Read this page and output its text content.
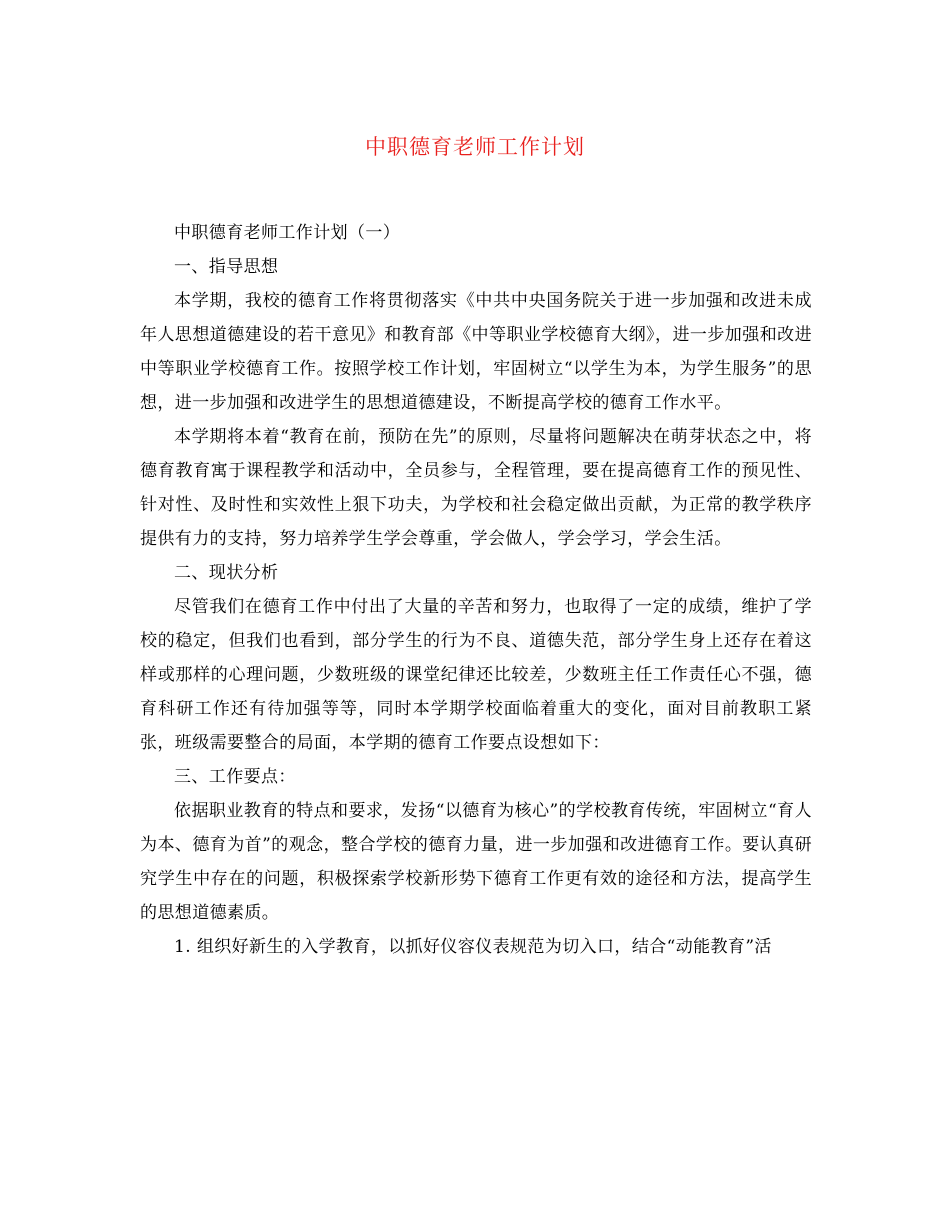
中职德育老师工作计划

中职德育老师工作计划（一）

一、指导思想

本学期，我校的德育工作将贯彻落实《中共中央国务院关于进一步加强和改进未成年人思想道德建设的若干意见》和教育部《中等职业学校德育大纲》，进一步加强和改进中等职业学校德育工作。按照学校工作计划，牢固树立“以学生为本，为学生服务”的思想，进一步加强和改进学生的思想道德建设，不断提高学校的德育工作水平。

本学期将本着“教育在前，预防在先”的原则，尽量将问题解决在萌芽状态之中，将德育教育寓于课程教学和活动中，全员参与，全程管理，要在提高德育工作的预见性、针对性、及时性和实效性上狠下功夫，为学校和社会稳定做出贡献，为正常的教学秩序提供有力的支持，努力培养学生学会尊重，学会做人，学会学习，学会生活。

二、现状分析

尽管我们在德育工作中付出了大量的辛苦和努力，也取得了一定的成绩，维护了学校的稳定，但我们也看到，部分学生的行为不良、道德失范，部分学生身上还存在着这样或那样的心理问题，少数班级的课堂纪律还比较差，少数班主任工作责任心不强，德育科研工作还有待加强等等，同时本学期学校面临着重大的变化，面对目前教职工紧张，班级需要整合的局面，本学期的德育工作要点设想如下：

三、工作要点：

依据职业教育的特点和要求，发扬“以德育为核心”的学校教育传统，牢固树立“育人为本、德育为首”的观念，整合学校的德育力量，进一步加强和改进德育工作。要认真研究学生中存在的问题，积极探索学校新形势下德育工作更有效的途径和方法，提高学生的思想道德素质。

1. 组织好新生的入学教育，以抓好仪容仪表规范为切入口，结合“动能教育”活
